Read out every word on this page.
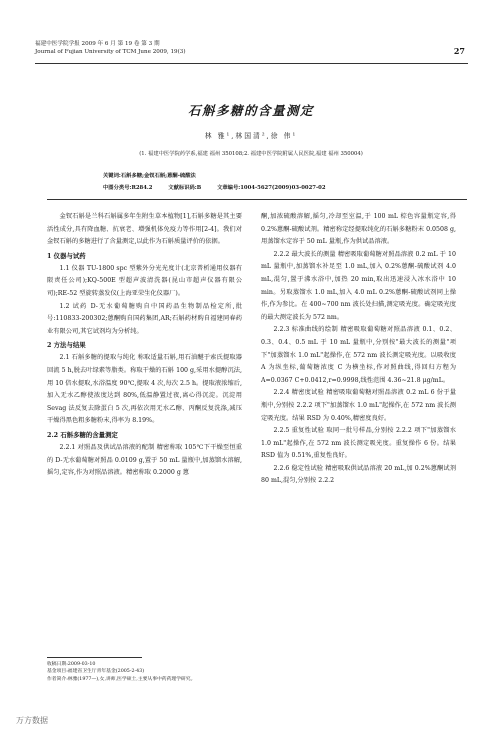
福建中医学院学报 2009 年 6 月 第 19 卷 第 3 期
Journal of Fujian University of TCM June 2009, 19(3)	27
石斛多糖的含量测定
林 雅¹,林国清²,徐 伟¹
(1. 福建中医学院药学系,福建 福州 350108;2. 福建中医学院附属人民医院,福建 福州 350004)
关键词:石斛多糖;金钗石斛;蒽酮-硫酸法
中图分类号:R284.2	文献标识码:B	文章编号:1004-5627(2009)03-0027-02

金钗石斛是兰科石斛属多年生附生草本植物[1],石斛多糖是其主要活性成分,具有降血糖、抗衰老、增强机体免疫力等作用[2-4]。我们对金钗石斛的多糖进行了含量测定,以此作为石斛质量评价的依据。

1 仪器与试药

1.1 仪器 TU-1800 spc 型紫外分光光度计(北京普析通用仪器有限责任公司);KQ-500E 型超声波清洗器(昆山市超声仪器有限公司);RE-52 型旋转蒸发仪(上海亚荣生化仪器厂)。

1.2 试药 D-无水葡萄糖购自中国药品生物制品检定所,批号:110833-200302;蒽酮购自国药集团,AR;石斛药材购自福建同春药业有限公司,其它试剂均为分析纯。

2 方法与结果

2.1 石斛多糖的提取与纯化 称取适量石斛,用石油醚于索氏提取器回流 5 h,脱去叶绿素等脂类。称取干燥的石斛 100 g,采用水提醇沉法,用 10 倍水提取,水浴温度 90℃,提取 4 次,每次 2.5 h。提取液浓缩后,加入无水乙醇使浓度达到 80%,低温静置过夜,离心得沉淀。沉淀用 Sevag 法反复去除蛋白 5 次,再依次用无水乙醇、丙酮反复洗涤,减压干燥得黑色粗多糖粉末,得率为 8.19%。

2.2 石斛多糖的含量测定

2.2.1 对照品及供试品溶液的配制 精密称取 105℃下干燥至恒重的 D-无水葡萄糖对照品 0.0109 g,置于 50 mL 量瓶中,加蒸馏水溶解,摇匀,定容,作为对照品溶液。精密称取 0.2000 g 蒽

酮,加浓硫酸溶解,摇匀,冷却至室温,于 100 mL 棕色容量瓶定容,得 0.2%蒽酮-硫酸试剂。精密称定经提取纯化的石斛多糖粉末 0.0508 g,用蒸馏水定容于 50 mL 量瓶,作为供试品溶液。

2.2.2 最大波长的测量 精密吸取葡萄糖对照品溶液 0.2 mL 于 10 mL 量瓶中,加蒸馏水补足至 1.0 mL,加入 0.2%蒽酮-硫酸试剂 4.0 mL,混匀,置于沸水浴中,加热 20 min,取出迅速浸入冰水浴中 10 min。另取蒸馏水 1.0 mL,加入 4.0 mL 0.2%蒽酮-硫酸试剂同上操作,作为参比。在 400~700 nm 波长处扫描,测定吸光度。确定吸光度的最大测定波长为 572 nm。

2.2.3 标准曲线的绘制 精密吸取葡萄糖对照品溶液 0.1、0.2、0.3、0.4、0.5 mL 于 10 mL 量瓶中,分别按"最大波长的测量"项下"加蒸馏水 1.0 mL"起操作,在 572 nm 波长测定吸光度。以吸收度 A 为纵坐标,葡萄糖浓度 C 为横坐标,作对照曲线,得回归方程为 A=0.0367 C+0.0412,r=0.9998,线性范围 4.36~21.8 μg/mL。

2.2.4 精密度试验 精密吸取葡萄糖对照品溶液 0.2 mL 6 份于量瓶中,分别按 2.2.2 项下"加蒸馏水 1.0 mL"起操作,在 572 nm 波长测定吸光度。结果 RSD 为 0.40%,精密度良好。

2.2.5 重复性试验 取同一批号样品,分别按 2.2.2 项下"加蒸馏水 1.0 mL"起操作,在 572 nm 波长测定吸光度。重复操作 6 份。结果 RSD 值为 0.51%,重复性良好。

2.2.6 稳定性试验 精密吸取供试品溶液 20 mL,加 0.2%蒽酮试剂 80 mL,混匀,分别按 2.2.2

收稿日期:2009-03-10
基金项目:福建省卫生厅青年基金(2005-2-43)
作者简介:林雅(1977—),女,讲师,医学硕士,主要从事中药药理学研究。
万方数据
